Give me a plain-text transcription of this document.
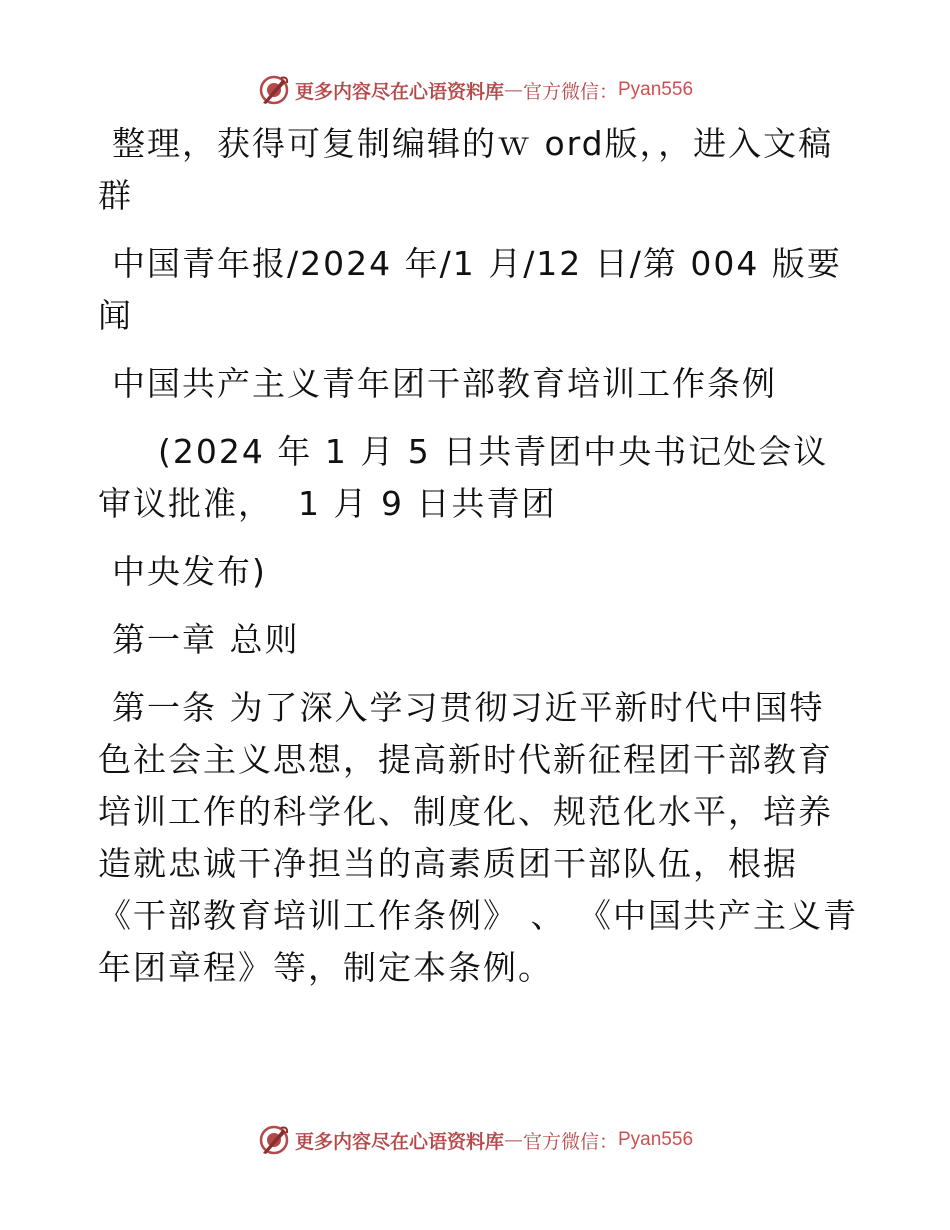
更多内容尽在心语资料库 — 官方微信： Pyan556

整理，获得可复制编辑的ｗ ord版，，进入文稿群

中国青年报/2024 年/1 月/12 日/第 004 版要闻

中国共产主义青年团干部教育培训工作条例

(2024 年 1 月 5 日共青团中央书记处会议审议批准，  1 月 9 日共青团

中央发布)

第一章 总则

第一条 为了深入学习贯彻习近平新时代中国特色社会主义思想，提高新时代新征程团干部教育培训工作的科学化、制度化、规范化水平，培养造就忠诚干净担当的高素质团干部队伍，根据《干部教育培训工作条例》 、 《中国共产主义青年团章程》等，制定本条例。

更多内容尽在心语资料库 — 官方微信： Pyan556
